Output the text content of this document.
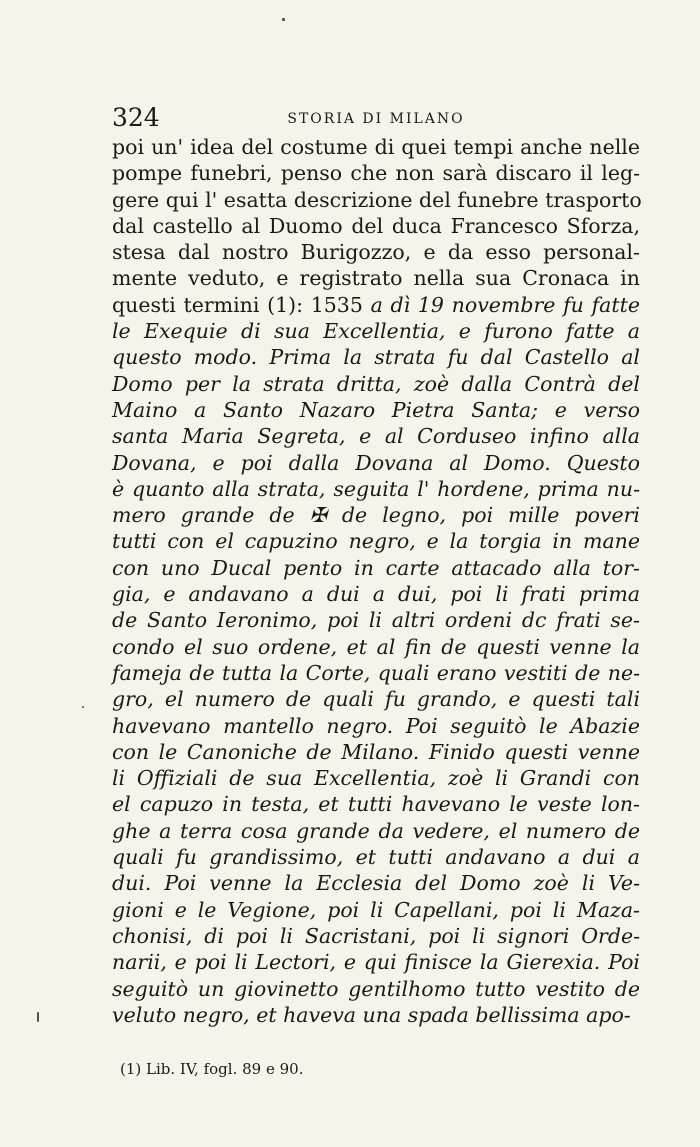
324	STORIA DI MILANO
poi un' idea del costume di quei tempi anche nelle
pompe funebri, penso che non sarà discaro il leg-
gere qui l' esatta descrizione del funebre trasporto
dal castello al Duomo del duca Francesco Sforza,
stesa dal nostro Burigozzo, e da esso personal-
mente veduto, e registrato nella sua Cronaca in
questi termini (1): 1535 a dì 19 novembre fu fatte
le Exequie di sua Excellentia, e furono fatte a
questo modo. Prima la strata fu dal Castello al
Domo per la strata dritta, zoè dalla Contrà del
Maino a Santo Nazaro Pietra Santa; e verso
santa Maria Segreta, e al Corduseo infino alla
Dovana, e poi dalla Dovana al Domo. Questo
è quanto alla strata, seguita l' hordene, prima nu-
mero grande de ✠ de legno, poi mille poveri
tutti con el capuzino negro, e la torgia in mane
con uno Ducal pento in carte attacado alla tor-
gia, e andavano a dui a dui, poi li frati prima
de Santo Ieronimo, poi li altri ordeni dc frati se-
condo el suo ordene, et al fin de questi venne la
fameja de tutta la Corte, quali erano vestiti de ne-
gro, el numero de quali fu grando, e questi tali
havevano mantello negro. Poi seguitò le Abazie
con le Canoniche de Milano. Finido questi venne
li Offiziali de sua Excellentia, zoè li Grandi con
el capuzo in testa, et tutti havevano le veste lon-
ghe a terra cosa grande da vedere, el numero de
quali fu grandissimo, et tutti andavano a dui a
dui. Poi venne la Ecclesia del Domo zoè li Ve-
gioni e le Vegione, poi li Capellani, poi li Maza-
chonisi, di poi li Sacristani, poi li signori Orde-
narii, e poi li Lectori, e qui finisce la Gierexia. Poi
seguitò un giovinetto gentilhomo tutto vestito de
veluto negro, et haveva una spada bellissima apo-
(1) Lib. IV, fogl. 89 e 90.
